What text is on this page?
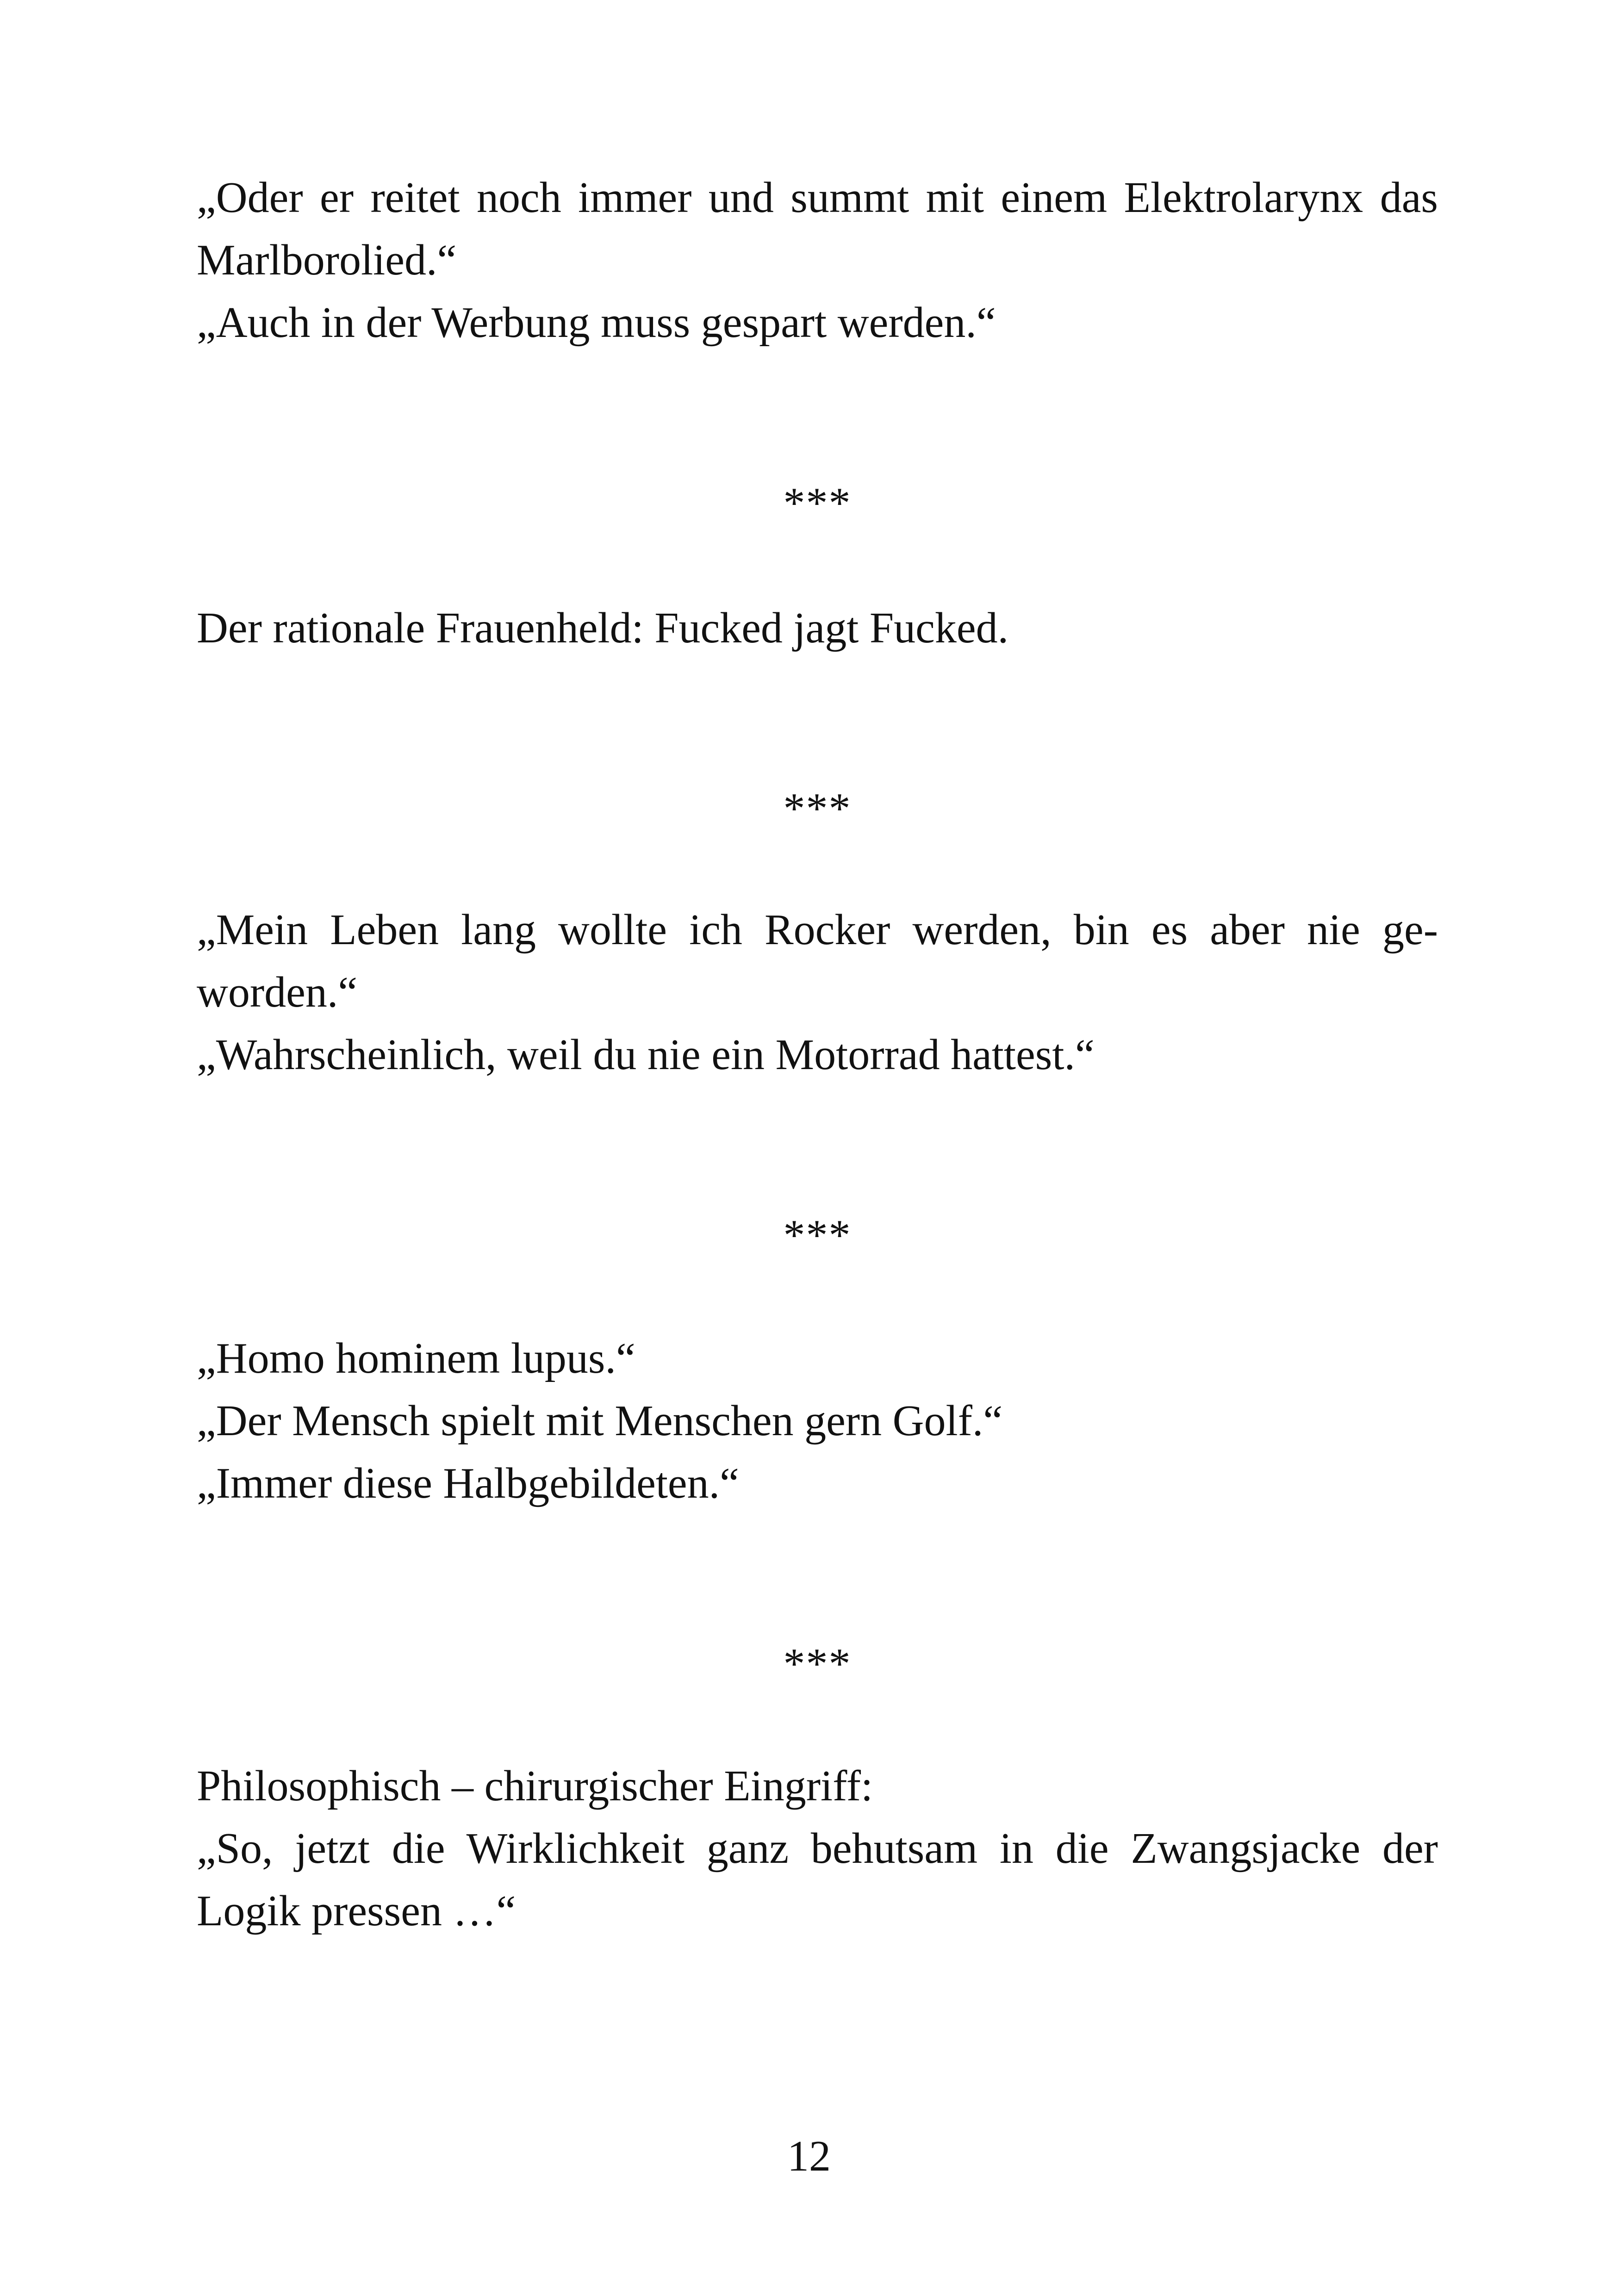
„Oder er reitet noch immer und summt mit einem Elektrolarynx das
Marlborolied.“
„Auch in der Werbung muss gespart werden.“
***
Der rationale Frauenheld: Fucked jagt Fucked.
***
„Mein Leben lang wollte ich Rocker werden, bin es aber nie ge-
worden.“
„Wahrscheinlich, weil du nie ein Motorrad hattest.“
***
„Homo hominem lupus.“
„Der Mensch spielt mit Menschen gern Golf.“
„Immer diese Halbgebildeten.“
***
Philosophisch – chirurgischer Eingriff:
„So, jetzt die Wirklichkeit ganz behutsam in die Zwangsjacke der
Logik pressen …“
12
